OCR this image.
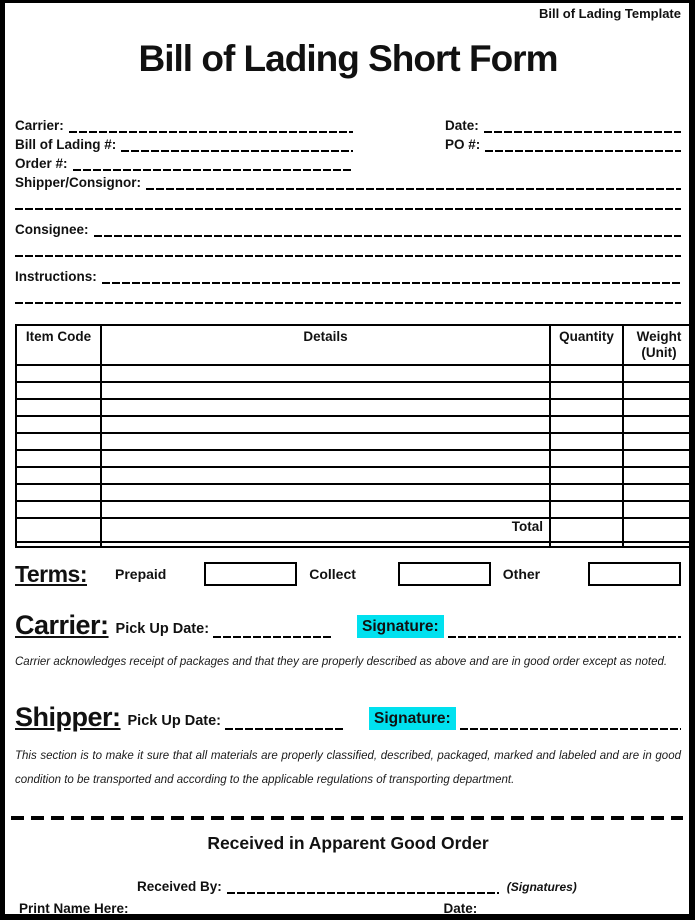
Bill of Lading Template
Bill of Lading Short Form
Carrier:	Date:
Bill of Lading #:	PO #:
Order #:
Shipper/Consignor:
Consignee:
Instructions:
Item Code	Details	Quantity	Weight (Unit)

	Total		

Terms: Prepaid	Collect	Other
Carrier: Pick Up Date:	Signature:
Carrier acknowledges receipt of packages and that they are properly described as above and are in good order except as noted.
Shipper: Pick Up Date:	Signature:
This section is to make it sure that all materials are properly classified, described, packaged, marked and labeled and are in good condition to be transported and according to the applicable regulations of transporting department.
Received in Apparent Good Order
Received By:	(Signatures)
Print Name Here:	Date:
